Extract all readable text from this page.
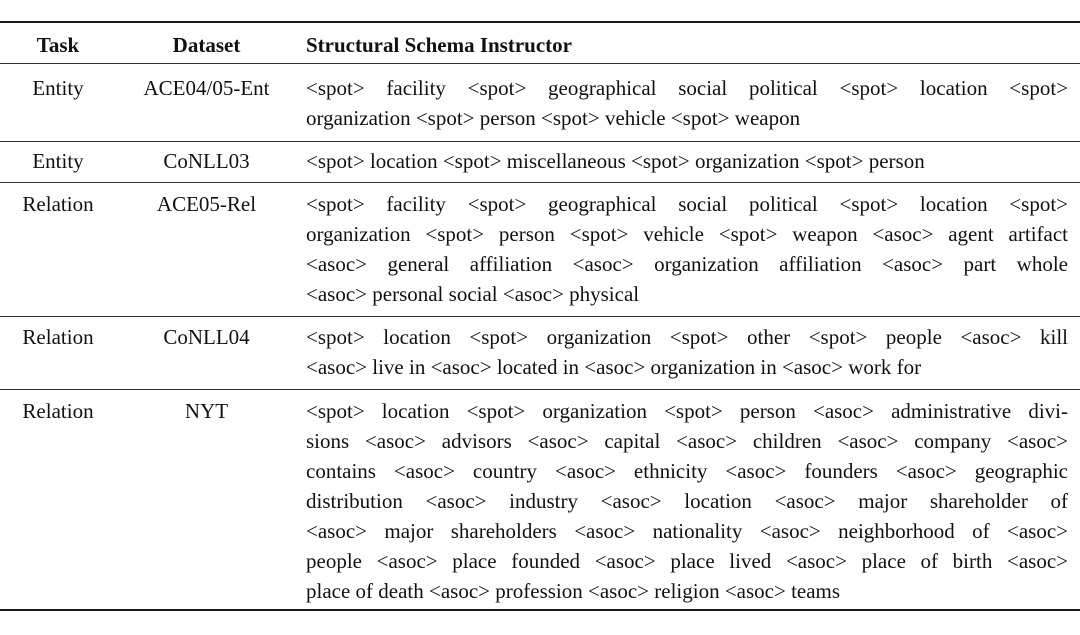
Task	Dataset	Structural Schema Instructor
Entity	ACE04/05-Ent	<spot> facility <spot> geographical social political <spot> location <spot>
organization <spot> person <spot> vehicle <spot> weapon
Entity	CoNLL03	<spot> location <spot> miscellaneous <spot> organization <spot> person
Relation	ACE05-Rel	<spot> facility <spot> geographical social political <spot> location <spot>
organization <spot> person <spot> vehicle <spot> weapon <asoc> agent artifact
<asoc> general affiliation <asoc> organization affiliation <asoc> part whole
<asoc> personal social <asoc> physical
Relation	CoNLL04	<spot> location <spot> organization <spot> other <spot> people <asoc> kill
<asoc> live in <asoc> located in <asoc> organization in <asoc> work for
Relation	NYT	<spot> location <spot> organization <spot> person <asoc> administrative divi-
sions <asoc> advisors <asoc> capital <asoc> children <asoc> company <asoc>
contains <asoc> country <asoc> ethnicity <asoc> founders <asoc> geographic
distribution <asoc> industry <asoc> location <asoc> major shareholder of
<asoc> major shareholders <asoc> nationality <asoc> neighborhood of <asoc>
people <asoc> place founded <asoc> place lived <asoc> place of birth <asoc>
place of death <asoc> profession <asoc> religion <asoc> teams
